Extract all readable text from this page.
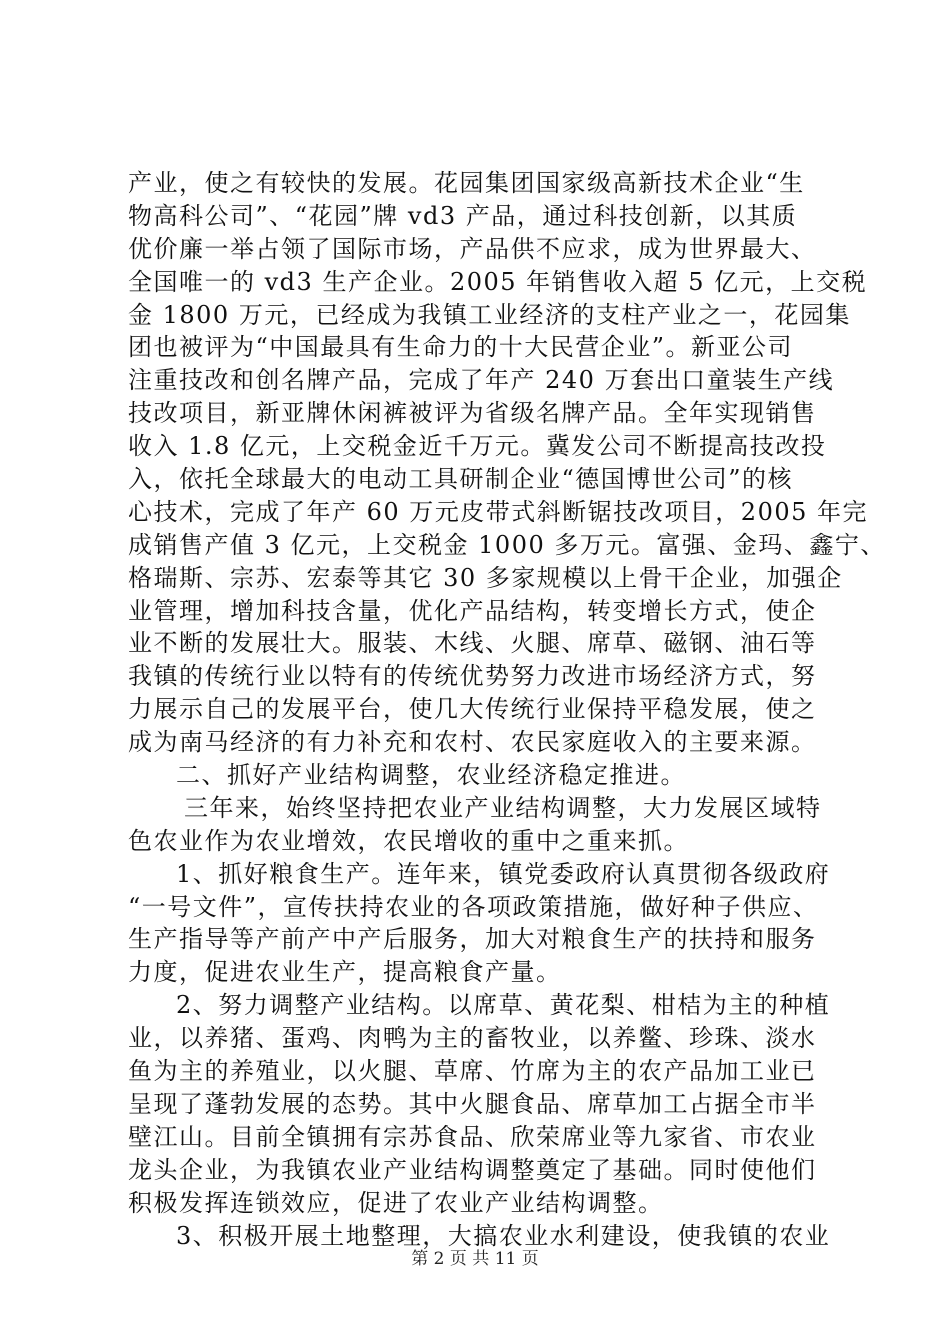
产业，使之有较快的发展。花园集团国家级高新技术企业“生
物高科公司”、“花园”牌 vd3 产品，通过科技创新，以其质
优价廉一举占领了国际市场，产品供不应求，成为世界最大、
全国唯一的 vd3 生产企业。2005 年销售收入超 5 亿元，上交税
金 1800 万元，已经成为我镇工业经济的支柱产业之一，花园集
团也被评为“中国最具有生命力的十大民营企业”。新亚公司
注重技改和创名牌产品，完成了年产 240 万套出口童装生产线
技改项目，新亚牌休闲裤被评为省级名牌产品。全年实现销售
收入 1.8 亿元，上交税金近千万元。冀发公司不断提高技改投
入，依托全球最大的电动工具研制企业“德国博世公司”的核
心技术，完成了年产 60 万元皮带式斜断锯技改项目，2005 年完
成销售产值 3 亿元，上交税金 1000 多万元。富强、金玛、鑫宁、
格瑞斯、宗苏、宏泰等其它 30 多家规模以上骨干企业，加强企
业管理，增加科技含量，优化产品结构，转变增长方式，使企
业不断的发展壮大。服装、木线、火腿、席草、磁钢、油石等
我镇的传统行业以特有的传统优势努力改进市场经济方式，努
力展示自己的发展平台，使几大传统行业保持平稳发展，使之
成为南马经济的有力补充和农村、农民家庭收入的主要来源。
二、抓好产业结构调整，农业经济稳定推进。
三年来，始终坚持把农业产业结构调整，大力发展区域特
色农业作为农业增效，农民增收的重中之重来抓。
1、抓好粮食生产。连年来，镇党委政府认真贯彻各级政府
“一号文件”，宣传扶持农业的各项政策措施，做好种子供应、
生产指导等产前产中产后服务，加大对粮食生产的扶持和服务
力度，促进农业生产，提高粮食产量。
2、努力调整产业结构。以席草、黄花梨、柑桔为主的种植
业，以养猪、蛋鸡、肉鸭为主的畜牧业，以养鳖、珍珠、淡水
鱼为主的养殖业，以火腿、草席、竹席为主的农产品加工业已
呈现了蓬勃发展的态势。其中火腿食品、席草加工占据全市半
壁江山。目前全镇拥有宗苏食品、欣荣席业等九家省、市农业
龙头企业，为我镇农业产业结构调整奠定了基础。同时使他们
积极发挥连锁效应，促进了农业产业结构调整。
3、积极开展土地整理，大搞农业水利建设，使我镇的农业
第 2 页 共 11 页
